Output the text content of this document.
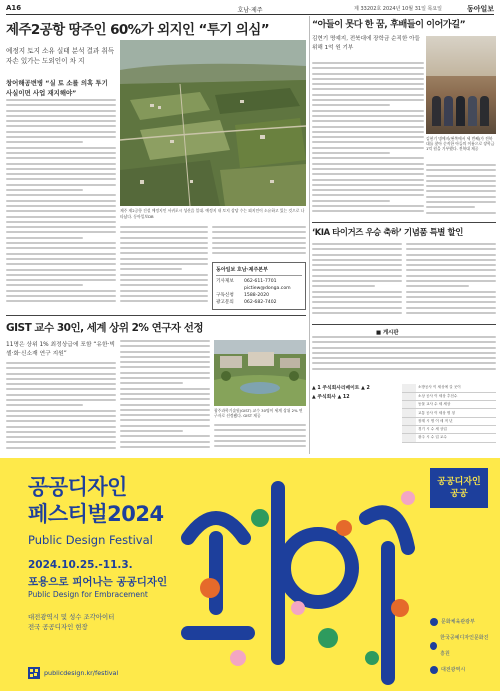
A16	호남·제주	제 33202호 2024년 10월 31일 목요일	동아일보
제주2공항 땅주인 60%가 외지인 “투기 의심”
예정지 토지 소유 실태 분석 결과 취득 자손 있가는 도외인이 차 지
창어해공변병 “실 토 소를 의혹 투기 사실이면 사업 재지해야”
제주 제2공항 건설 예정지인 서귀포시 성산읍 일대. 예정지 내 토지 상당 수는 외지인이 소유하고 있는 것으로 나타났다. 동아일보DB
동아일보 호남·제주본부
기사제보	062-611-7701
pictiew@donga.com
구독신청	1588-2020
광고문의	062-682-7402
“아들이 못다 한 꿈, 후배들이 이어가길”
김현기 명예지, 전북대에 장학금 순직한 아들 위해 1억 원 기부
김현기 명예지(왼쪽에서 세 번째)가 전북대를 찾아 순직한 아들의 이름으로 장학금 1억 원을 기부했다. 전북대 제공
‘KIA 타이거즈 우승 축하’ 기념품 특별 할인
■ 게시판
GIST 교수 30인, 세계 상위 2% 연구자 선정
11명은 상위 1% 최정상급에 포함 “유한·빅셀·화·신소재 연구 지원”
광주과학기술원(GIST) 교수 30명이 세계 상위 2% 연구자로 선정됐다. GIST 제공
▲ 1 주식회사리베이트 ▲ 2
▲ 주식회사 ▲ 12
	소방공사 이 세상에 갈 곳이
	소상 공사 이 세상 추천수
	동물 교사 수 세 세상
	교통 공사 이 세상 명 칭
	장계 시 명 이 세 적 년
	경기 시 수 세 상업
	광주 시 수 업 교수
공공디자인
페스티벌2024
Public Design Festival
2024.10.25.-11.3.
포용으로 피어나는 공공디자인
Public Design for Embracement
대전광역시 및 성수 조각아이터
전국 공공디자인 현장
공공디자인
공공
문화체육관광부
한국공예디자인문화진흥원
대전광역시
publicdesign.kr/festival
